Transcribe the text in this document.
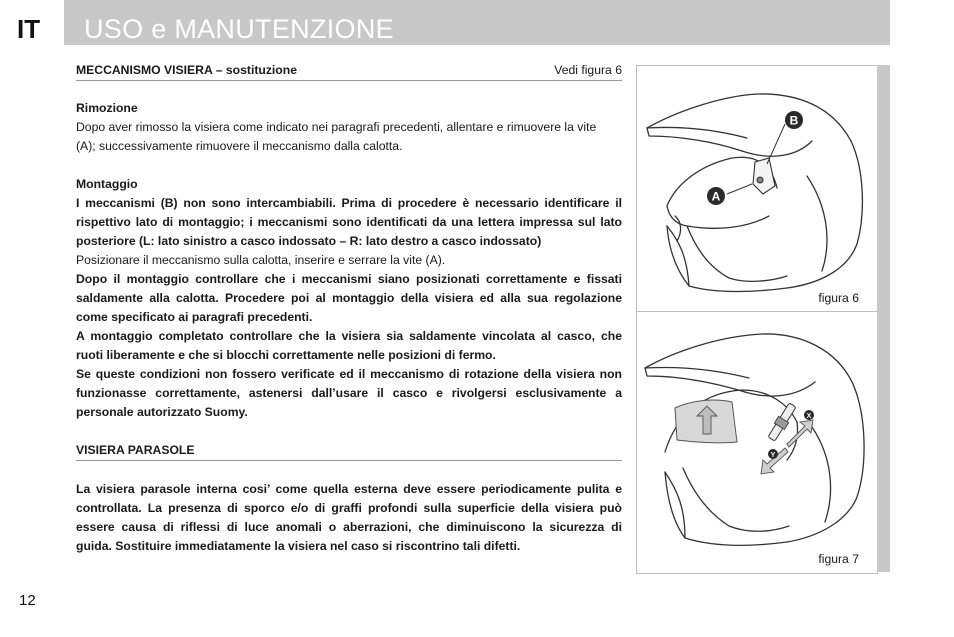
IT USO e MANUTENZIONE
MECCANISMO VISIERA – sostituzione	Vedi figura 6

Rimozione

Dopo aver rimosso la visiera come indicato nei paragrafi precedenti, allentare e rimuovere la vite

(A); successivamente rimuovere il meccanismo dalla calotta.

Montaggio

I meccanismi (B) non sono intercambiabili. Prima di procedere è necessario identificare il

rispettivo lato di montaggio; i meccanismi sono identificati da una lettera impressa sul lato

posteriore (L: lato sinistro a casco indossato – R: lato destro a casco indossato)

Posizionare il meccanismo sulla calotta, inserire e serrare la vite (A).

Dopo il montaggio controllare che i meccanismi siano posizionati correttamente e fissati

saldamente alla calotta. Procedere poi al montaggio della visiera ed alla sua regolazione

come specificato ai paragrafi precedenti.

A montaggio completato controllare che la visiera sia saldamente vincolata al casco, che

ruoti liberamente e che si blocchi correttamente nelle posizioni di fermo.

Se queste condizioni non fossero verificate ed il meccanismo di rotazione della visiera non

funzionasse correttamente, astenersi dall’usare il casco e rivolgersi esclusivamente a

personale autorizzato Suomy.

VISIERA PARASOLE

La visiera parasole interna cosi’ come quella esterna deve essere periodicamente pulita e

controllata. La presenza di sporco e/o di graffi profondi sulla superficie della visiera può

essere causa di riflessi di luce anomali o aberrazioni, che diminuiscono la sicurezza di

guida. Sostituire immediatamente la visiera nel caso si riscontrino tali difetti.

B
A
figura 6
X
Y
figura 7
12
